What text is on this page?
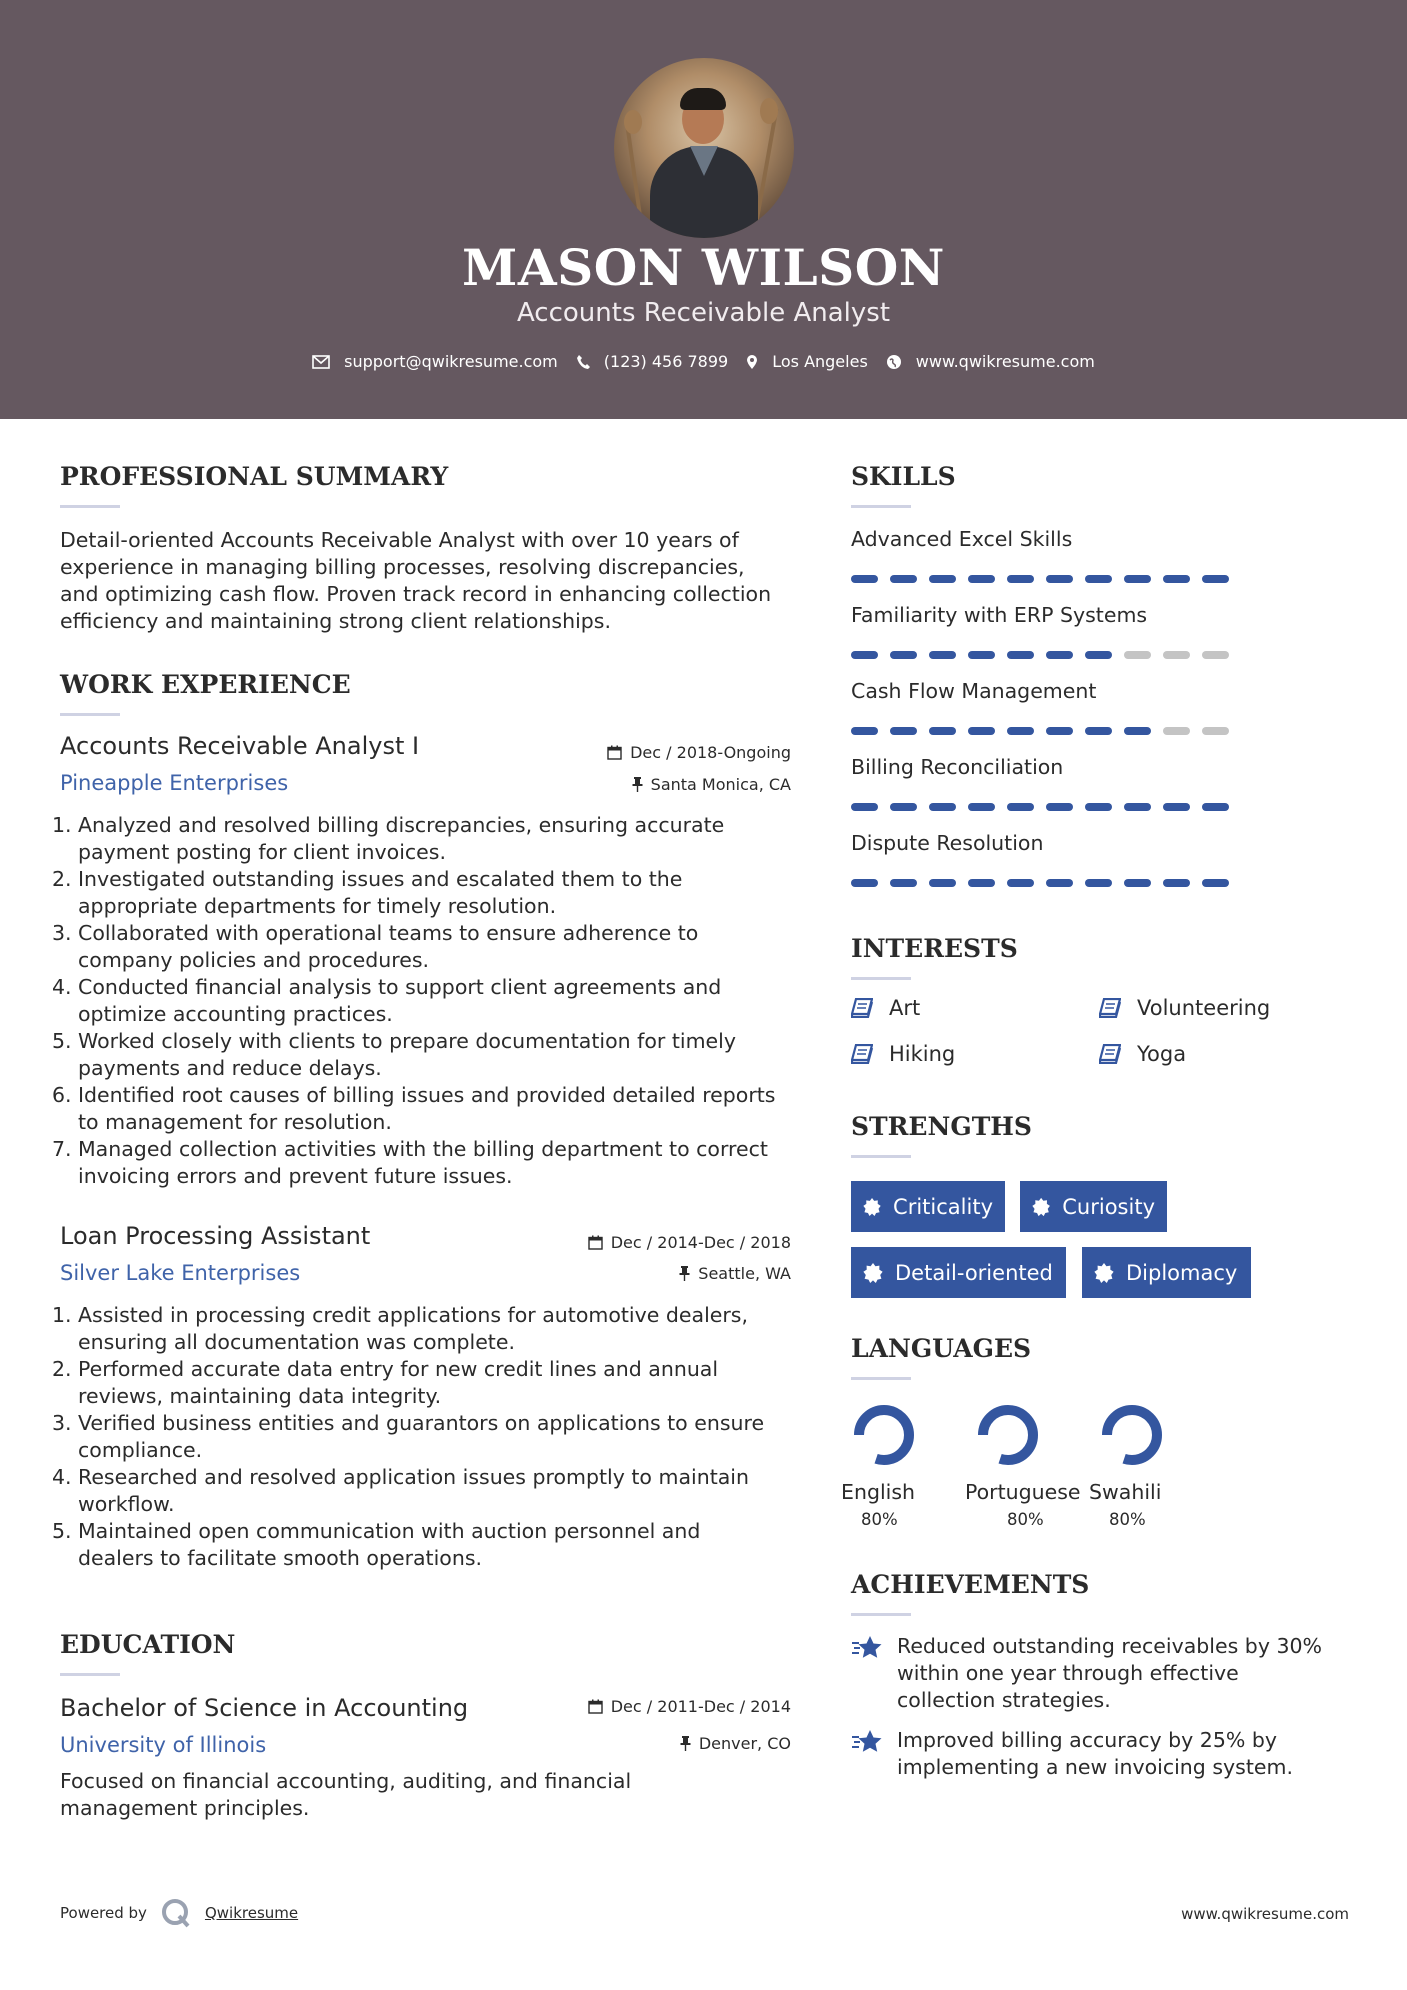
MASON WILSON
Accounts Receivable Analyst
support@qwikresume.com	(123) 456 7899	Los Angeles	www.qwikresume.com
PROFESSIONAL SUMMARY
Detail-oriented Accounts Receivable Analyst with over 10 years of
experience in managing billing processes, resolving discrepancies,
and optimizing cash flow. Proven track record in enhancing collection
efficiency and maintaining strong client relationships.
WORK EXPERIENCE
Accounts Receivable Analyst I	Dec / 2018-Ongoing
Pineapple Enterprises	Santa Monica, CA
1. Analyzed and resolved billing discrepancies, ensuring accurate
payment posting for client invoices.
2. Investigated outstanding issues and escalated them to the
appropriate departments for timely resolution.
3. Collaborated with operational teams to ensure adherence to
company policies and procedures.
4. Conducted financial analysis to support client agreements and
optimize accounting practices.
5. Worked closely with clients to prepare documentation for timely
payments and reduce delays.
6. Identified root causes of billing issues and provided detailed reports
to management for resolution.
7. Managed collection activities with the billing department to correct
invoicing errors and prevent future issues.
Loan Processing Assistant	Dec / 2014-Dec / 2018
Silver Lake Enterprises	Seattle, WA
1. Assisted in processing credit applications for automotive dealers,
ensuring all documentation was complete.
2. Performed accurate data entry for new credit lines and annual
reviews, maintaining data integrity.
3. Verified business entities and guarantors on applications to ensure
compliance.
4. Researched and resolved application issues promptly to maintain
workflow.
5. Maintained open communication with auction personnel and
dealers to facilitate smooth operations.
EDUCATION
Bachelor of Science in Accounting	Dec / 2011-Dec / 2014
University of Illinois	Denver, CO
Focused on financial accounting, auditing, and financial
management principles.
SKILLS
Advanced Excel Skills
Familiarity with ERP Systems
Cash Flow Management
Billing Reconciliation
Dispute Resolution
INTERESTS
Art	Volunteering
Hiking	Yoga
STRENGTHS
Criticality	Curiosity
Detail-oriented	Diplomacy
LANGUAGES
English
80%
Portuguese
80%
Swahili
80%
ACHIEVEMENTS
Reduced outstanding receivables by 30%
within one year through effective
collection strategies.
Improved billing accuracy by 25% by
implementing a new invoicing system.
Powered by	Qwikresume	www.qwikresume.com
